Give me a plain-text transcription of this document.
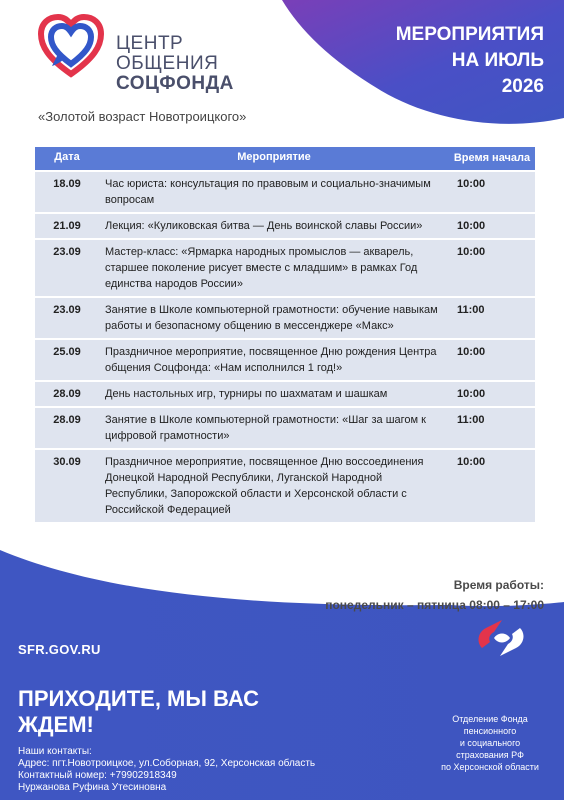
ЦЕНТР
ОБЩЕНИЯ
СОЦФОНДА
МЕРОПРИЯТИЯ
НА ИЮЛЬ
2026
«Золотой возраст Новотроицкого»
Дата	Мероприятие	Время начала
18.09	Час юриста: консультация по правовым и социально-значимым вопросам	10:00
21.09	Лекция: «Куликовская битва — День воинской славы России»	10:00
23.09	Мастер-класс: «Ярмарка народных промыслов — акварель, старшее поколение рисует вместе с младшим» в рамках Год единства народов России»	10:00
23.09	Занятие в Школе компьютерной грамотности: обучение навыкам работы и безопасному общению в мессенджере «Макс»	11:00
25.09	Праздничное мероприятие, посвященное Дню рождения Центра общения Соцфонда: «Нам исполнился 1 год!»	10:00
28.09	День настольных игр, турниры по шахматам и шашкам	10:00
28.09	Занятие в Школе компьютерной грамотности: «Шаг за шагом к цифровой грамотности»	11:00
30.09	Праздничное мероприятие, посвященное Дню воссоединения Донецкой Народной Республики, Луганской Народной Республики, Запорожской области и Херсонской области с Российской Федерацией	10:00
Время работы:
понедельник – пятница 08:00 – 17:00
SFR.GOV.RU
ПРИХОДИТЕ, МЫ ВАС
ЖДЕМ!
Наши контакты:
Адрес: пгт.Новотроицкое, ул.Соборная, 92, Херсонская область
Контактный номер: +79902918349
Нуржанова Руфина Утесиновна
Отделение Фонда
пенсионного
и социального
страхования РФ
по Херсонской области
